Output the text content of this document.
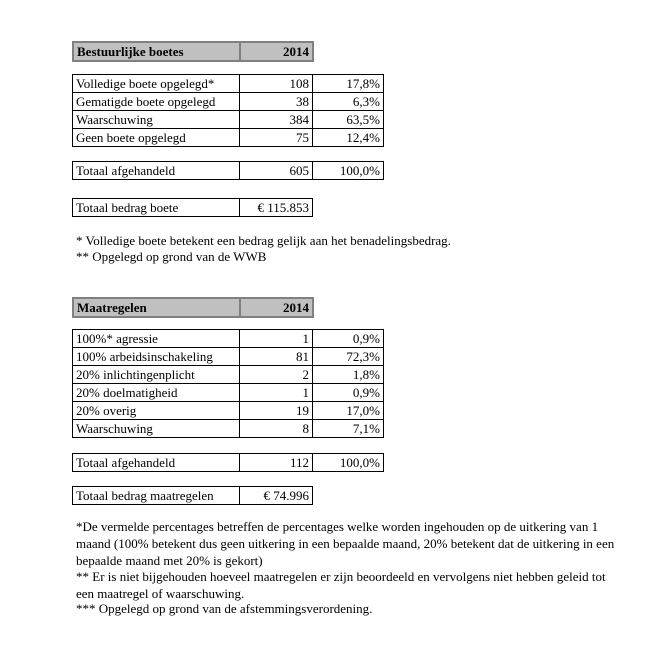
Bestuurlijke boetes	2014
Volledige boete opgelegd*	108	17,8%
Gematigde boete opgelegd	38	6,3%
Waarschuwing	384	63,5%
Geen boete opgelegd	75	12,4%
Totaal afgehandeld	605	100,0%
Totaal bedrag boete	€ 115.853
* Volledige boete betekent een bedrag gelijk aan het benadelingsbedrag.
** Opgelegd op grond van de WWB
Maatregelen	2014
100%* agressie	1	0,9%
100% arbeidsinschakeling	81	72,3%
20% inlichtingenplicht	2	1,8%
20% doelmatigheid	1	0,9%
20% overig	19	17,0%
Waarschuwing	8	7,1%
Totaal afgehandeld	112	100,0%
Totaal bedrag maatregelen	€ 74.996
*De vermelde percentages betreffen de percentages welke worden ingehouden op de uitkering van 1 maand (100% betekent dus geen uitkering in een bepaalde maand, 20% betekent dat de uitkering in een bepaalde maand met 20% is gekort)
** Er is niet bijgehouden hoeveel maatregelen er zijn beoordeeld en vervolgens niet hebben geleid tot een maatregel of waarschuwing.
*** Opgelegd op grond van de afstemmingsverordening.
